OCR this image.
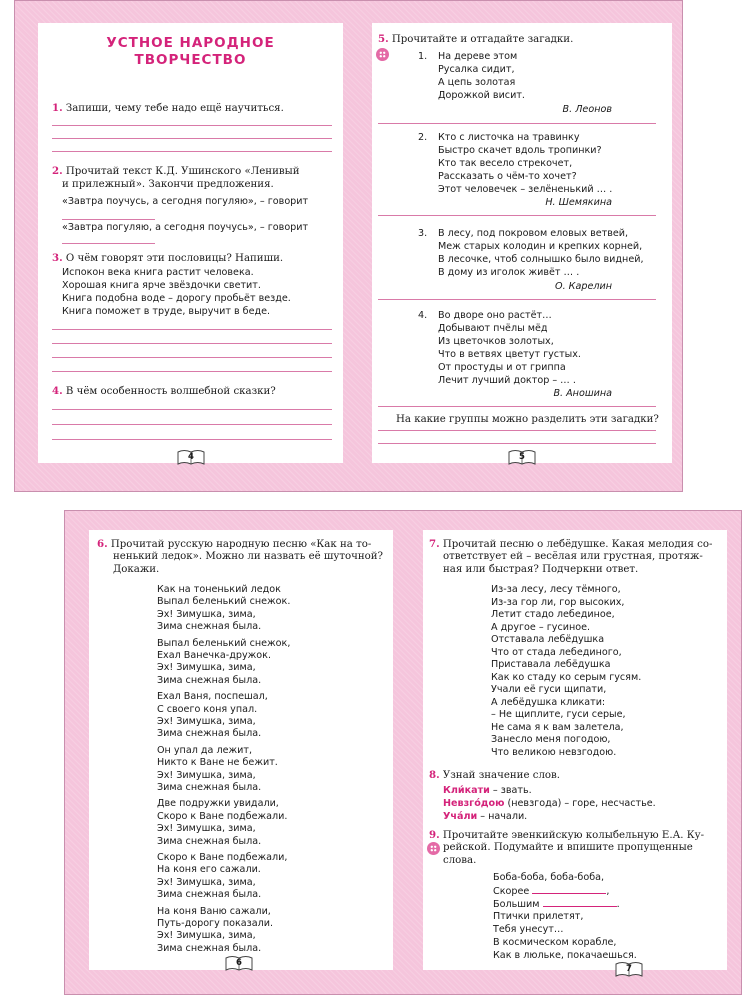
УСТНОЕ НАРОДНОЕ
ТВОРЧЕСТВО
1. Запиши, чему тебе надо ещё научиться.
2. Прочитай текст К.Д. Ушинского «Ленивый
и прилежный». Закончи предложения.
«Завтра поучусь, а сегодня погуляю», – говорит
«Завтра погуляю, а сегодня поучусь», – говорит
3. О чём говорят эти пословицы? Напиши.
Испокон века книга растит человека.
Хорошая книга ярче звёздочки светит.
Книга подобна воде – дорогу пробьёт везде.
Книга поможет в труде, выручит в беде.
4. В чём особенность волшебной сказки?
4
5. Прочитайте и отгадайте загадки.
1. На дереве этом
Русалка сидит,
А цепь золотая
Дорожкой висит.
В. Леонов
2. Кто с листочка на травинку
Быстро скачет вдоль тропинки?
Кто так весело стрекочет,
Рассказать о чём-то хочет?
Этот человечек – зелёненький … .
Н. Шемякина
3. В лесу, под покровом еловых ветвей,
Меж старых колодин и крепких корней,
В лесочке, чтоб солнышко было видней,
В дому из иголок живёт … .
О. Карелин
4. Во дворе оно растёт…
Добывают пчёлы мёд
Из цветочков золотых,
Что в ветвях цветут густых.
От простуды и от гриппа
Лечит лучший доктор – … .
В. Аношина
На какие группы можно разделить эти загадки?
5
6. Прочитай русскую народную песню «Как на то-
ненький ледок». Можно ли назвать её шуточной?
Докажи.
Как на тоненький ледок
Выпал беленький снежок.
Эх! Зимушка, зима,
Зима снежная была.
Выпал беленький снежок,
Ехал Ванечка-дружок.
Эх! Зимушка, зима,
Зима снежная была.
Ехал Ваня, поспешал,
С своего коня упал.
Эх! Зимушка, зима,
Зима снежная была.
Он упал да лежит,
Никто к Ване не бежит.
Эх! Зимушка, зима,
Зима снежная была.
Две подружки увидали,
Скоро к Ване подбежали.
Эх! Зимушка, зима,
Зима снежная была.
Скоро к Ване подбежали,
На коня его сажали.
Эх! Зимушка, зима,
Зима снежная была.
На коня Ваню сажали,
Путь-дорогу показали.
Эх! Зимушка, зима,
Зима снежная была.
6
7. Прочитай песню о лебёдушке. Какая мелодия со-
ответствует ей – весёлая или грустная, протяж-
ная или быстрая? Подчеркни ответ.
Из-за лесу, лесу тёмного,
Из-за гор ли, гор высоких,
Летит стадо лебединое,
А другое – гусиное.
Отставала лебёдушка
Что от стада лебединого,
Приставала лебёдушка
Как ко стаду ко серым гусям.
Учали её гуси щипати,
А лебёдушка кликати:
– Не щиплите, гуси серые,
Не сама я к вам залетела,
Занесло меня погодою,
Что великою невзгодою.
8. Узнай значение слов.
Кли́кати – звать.
Невзгóдою (невзгода) – горе, несчастье.
Учáли – начали.
9. Прочитайте эвенкийскую колыбельную Е.А. Ку-
рейской. Подумайте и впишите пропущенные
слова.
Боба-боба, боба-боба,
Скорее	,
Большим	.
Птички прилетят,
Тебя унесут…
В космическом корабле,
Как в люльке, покачаешься.
7
